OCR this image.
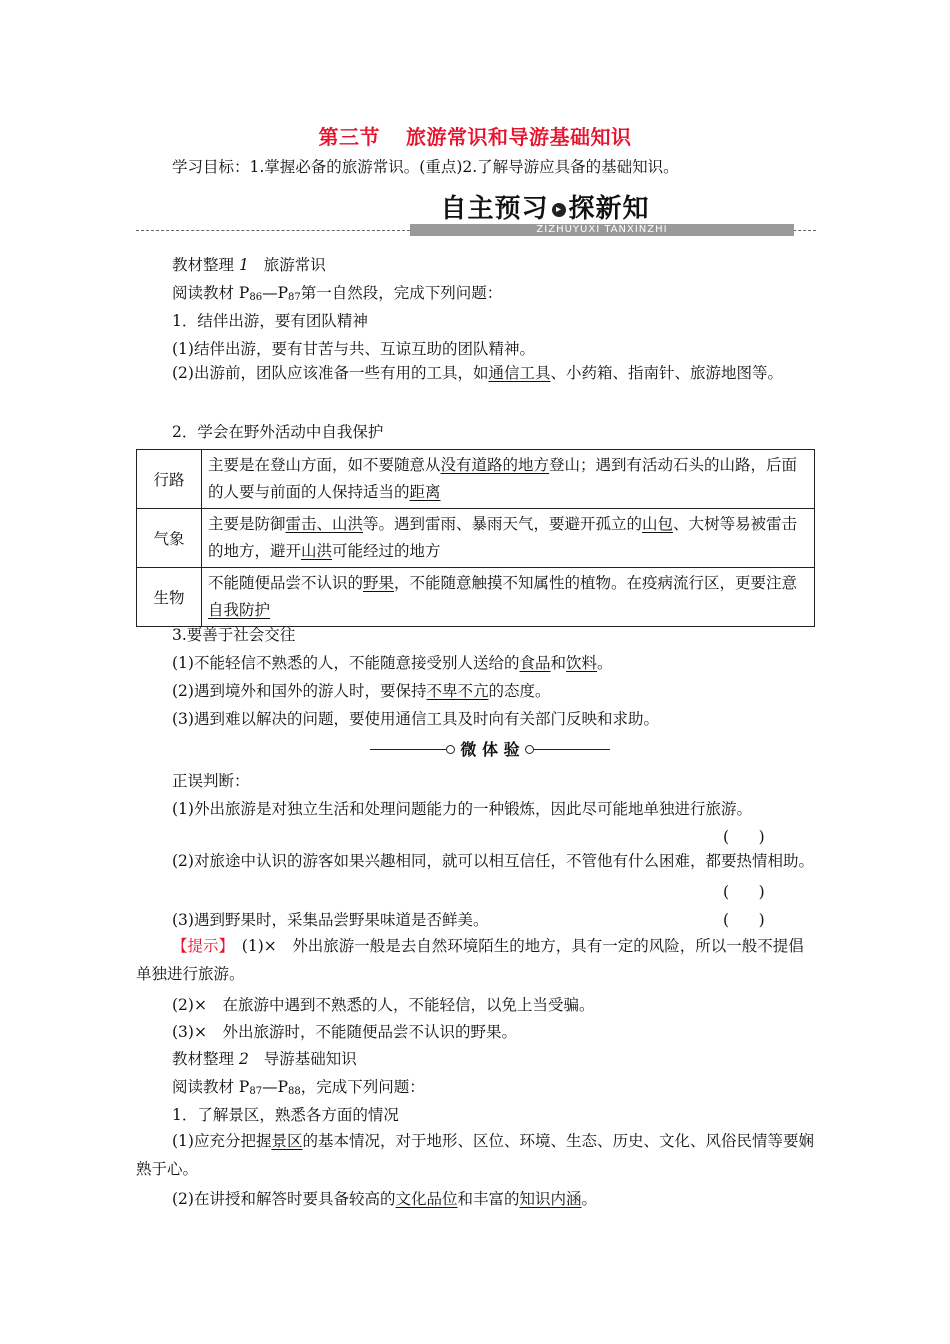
第三节 旅游常识和导游基础知识
学习目标：1.掌握必备的旅游常识。(重点)2.了解导游应具备的基础知识。
自主预习 ▸ 探新知
ZIZHUYUXI TANXINZHI
教材整理 1 旅游常识
阅读教材 $P_{86}—P_{87}$第一自然段，完成下列问题：
1．结伴出游，要有团队精神
(1)结伴出游，要有甘苦与共、互谅互助的团队精神。
(2)出游前，团队应该准备一些有用的工具，如通信工具、小药箱、指南针、旅游地图等。
2．学会在野外活动中自我保护
行路	主要是在登山方面，如不要随意从没有道路的地方登山；遇到有活动石头的山路，后面的人要与前面的人保持适当的距离
气象	主要是防御雷击、山洪等。遇到雷雨、暴雨天气，要避开孤立的山包、大树等易被雷击的地方，避开山洪可能经过的地方
生物	不能随便品尝不认识的野果，不能随意触摸不知属性的植物。在疫病流行区，更要注意自我防护
3.要善于社会交往
(1)不能轻信不熟悉的人，不能随意接受别人送给的食品和饮料。
(2)遇到境外和国外的游人时，要保持不卑不亢的态度。
(3)遇到难以解决的问题，要使用通信工具及时向有关部门反映和求助。
微 体 验
正误判断：
(1)外出旅游是对独立生活和处理问题能力的一种锻炼，因此尽可能地单独进行旅游。
(      )
(2)对旅途中认识的游客如果兴趣相同，就可以相互信任，不管他有什么困难，都要热情相助。
(      )
(3)遇到野果时，采集品尝野果味道是否鲜美。	(      )
【提示】　 (1)×　外出旅游一般是去自然环境陌生的地方，具有一定的风险，所以一般不提倡单独进行旅游。
(2)×　在旅游中遇到不熟悉的人，不能轻信，以免上当受骗。
(3)×　外出旅游时，不能随便品尝不认识的野果。
教材整理 2 导游基础知识
阅读教材 $P_{87}—P_{88}$，完成下列问题：
1．了解景区，熟悉各方面的情况
(1)应充分把握景区的基本情况，对于地形、区位、环境、生态、历史、文化、风俗民情等要娴熟于心。
(2)在讲授和解答时要具备较高的文化品位和丰富的知识内涵。
